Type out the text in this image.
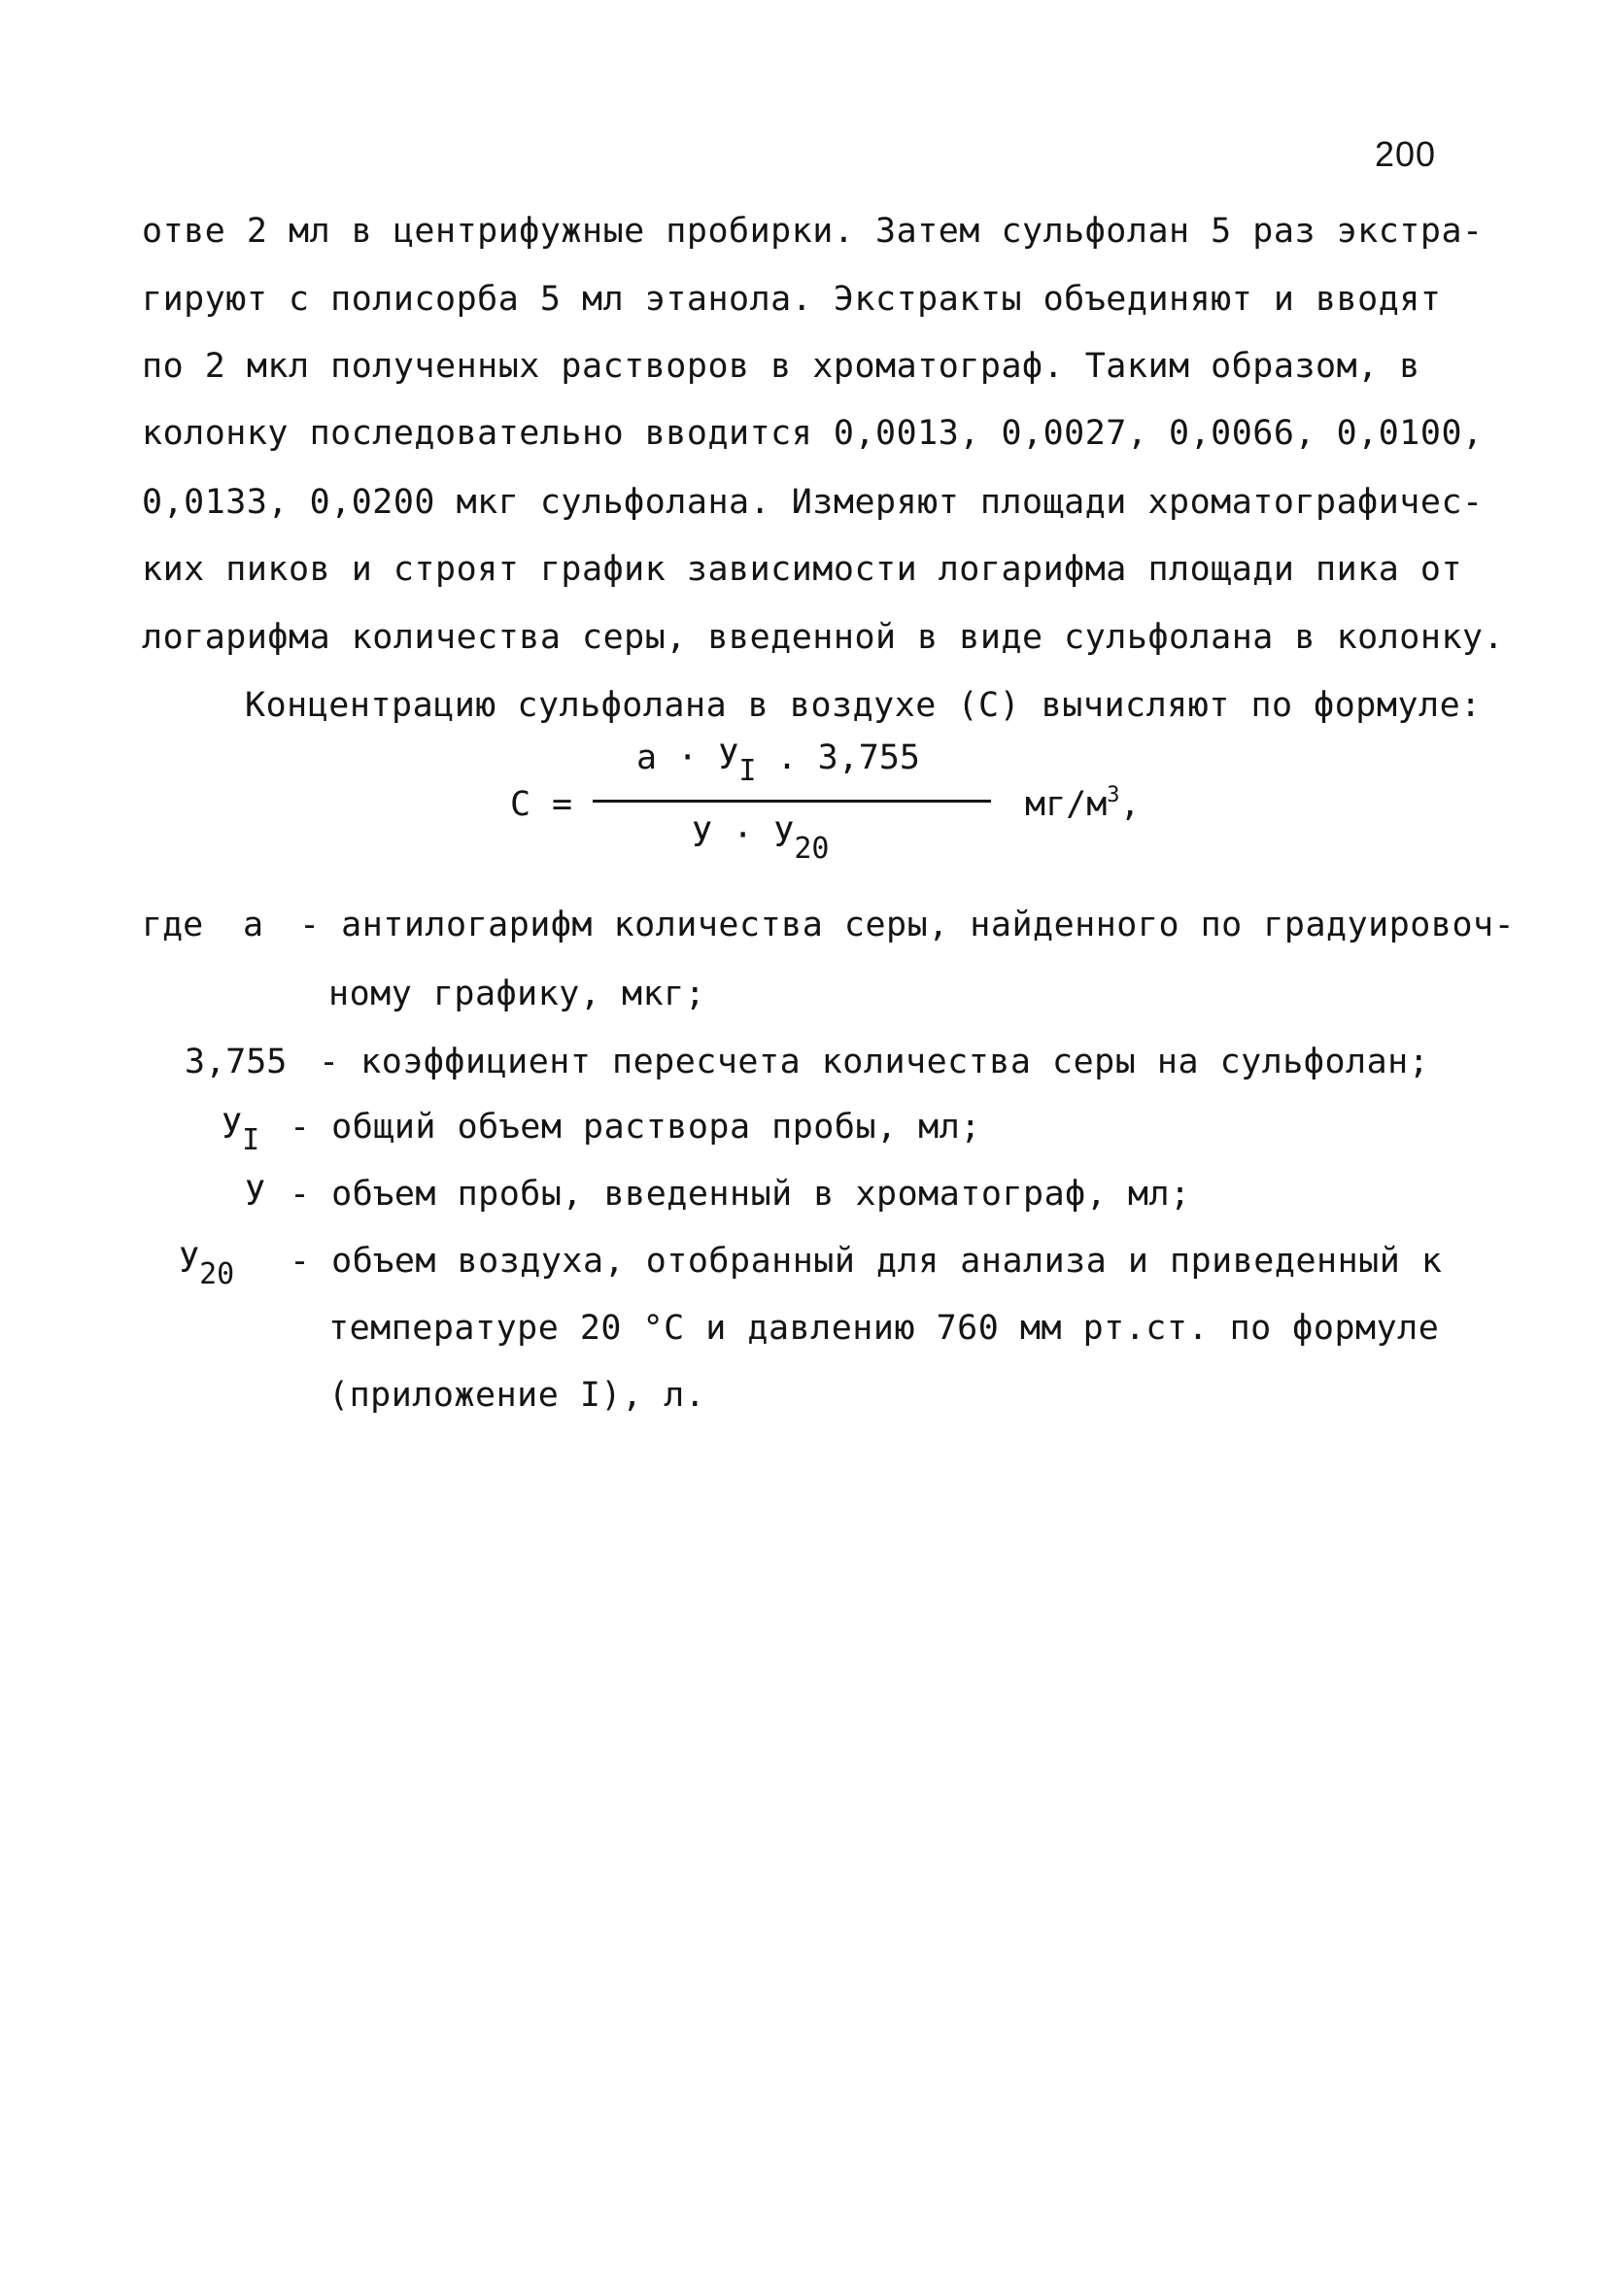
200
отве 2 мл в центрифужные пробирки. Затем сульфолан 5 раз экстра-
гируют с полисорба 5 мл этанола. Экстракты объединяют и вводят
по 2 мкл полученных растворов в хроматограф. Таким образом, в
колонку последовательно вводится 0,0013, 0,0027, 0,0066, 0,0100,
0,0133, 0,0200 мкг сульфолана. Измеряют площади хроматографичес-
ких пиков и строят график зависимости логарифма площади пика от
логарифма количества серы, введенной в виде сульфолана в колонку.
Концентрацию сульфолана в воздухе (С) вычисляют по формуле:
С =
$а \cdot У_I$ . 3,755
$У \cdot У_{20}$
$мг/м^3$,
где а - антилогарифм количества серы, найденного по градуировоч-
ному графику, мкг;
3,755 - коэффициент пересчета количества серы на сульфолан;
$У_I$ - общий объем раствора пробы, мл;
У - объем пробы, введенный в хроматограф, мл;
$У_{20}$ - объем воздуха, отобранный для анализа и приведенный к
температуре 20 °С и давлению 760 мм рт.ст. по формуле
(приложение I), л.
